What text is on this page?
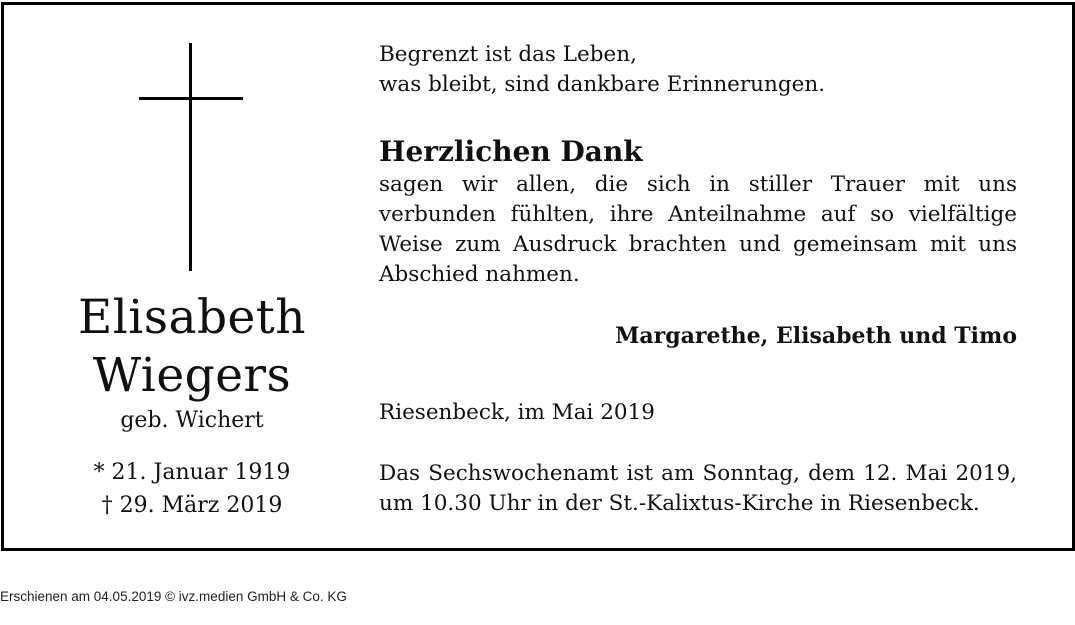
Elisabeth
Wiegers
geb. Wichert
* 21. Januar 1919
† 29. März 2019
Begrenzt ist das Leben,
was bleibt, sind dankbare Erinnerungen.
Herzlichen Dank
sagen wir allen, die sich in stiller Trauer mit uns verbunden fühlten, ihre Anteilnahme auf so vielfältige Weise zum Ausdruck brachten und gemeinsam mit uns Abschied nahmen.
Margarethe, Elisabeth und Timo
Riesenbeck, im Mai 2019
Das Sechswochenamt ist am Sonntag, dem 12. Mai 2019, um 10.30 Uhr in der St.-Kalixtus-Kirche in Riesenbeck.
Erschienen am 04.05.2019 © ivz.medien GmbH & Co. KG
